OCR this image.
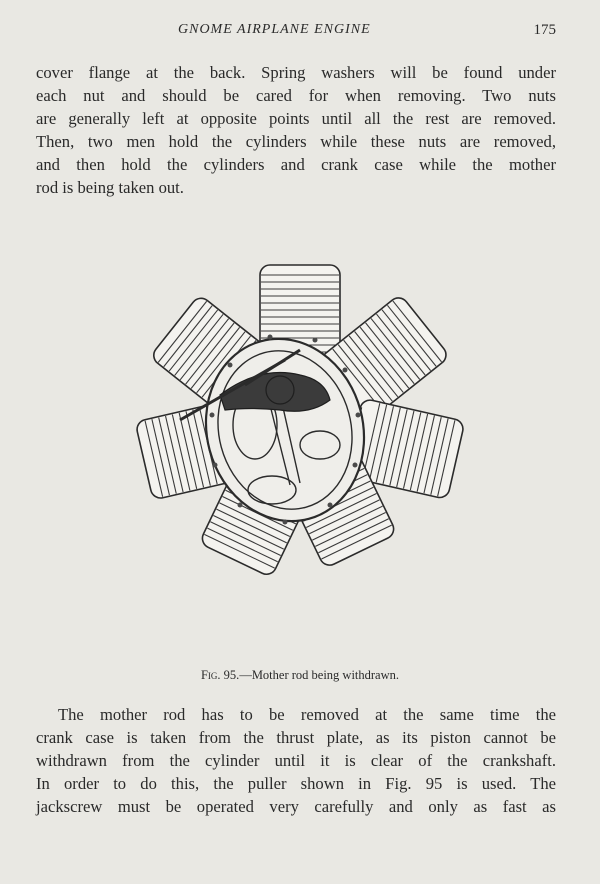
GNOME AIRPLANE ENGINE	175
cover flange at the back. Spring washers will be found under
each nut and should be cared for when removing. Two nuts
are generally left at opposite points until all the rest are removed.
Then, two men hold the cylinders while these nuts are removed,
and then hold the cylinders and crank case while the mother
rod is being taken out.
Fig. 95.—Mother rod being withdrawn.
The mother rod has to be removed at the same time the
crank case is taken from the thrust plate, as its piston cannot be
withdrawn from the cylinder until it is clear of the crankshaft.
In order to do this, the puller shown in Fig. 95 is used. The
jackscrew must be operated very carefully and only as fast as
